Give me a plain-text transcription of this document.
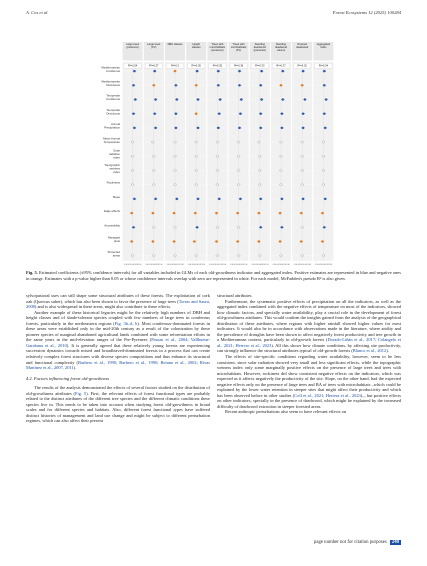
A. Cos et al.	Forest Ecosystems 12 (2025) 100284
Mediterranean Coniferous
Mediterranean Deciduous
Temperate Coniferous
Temperate Deciduous
Annual Precipitation
Mean Annual Temperature
Solar radiation index
Topographic wetness index
Rockiness
Slope
Edge effects
Accessibility
Managed plots
Protected areas
Large trees (presence)
R²=0.54
-1.00 -0.50 0.00 0.50 1.00
Large trees (ΣV)
R²=0.37
-1.00 -0.50 0.00 0.50 1.00
DBH classes
R²=0.2
-1.00 -0.50 0.00 0.50 1.00
Height classes
R²=0.36
-1.00 -0.50 0.00 0.50 1.00
Trees with microhabitats (presence)
R²=0.35
-1.00 -0.50 0.00 0.50 1.00
Trees with microhabitats (ΣV)
R²=0.36
-1.00 -0.50 0.00 0.50 1.00
Standing deadwood (presence)
R²=0.33
-1.00 -0.50 0.00 0.50 1.00
Standing deadwood volume
R²=0.37
-1.00 -0.50 0.00 0.50 1.00
Downed deadwood
R²=0.32
-1.00 -0.50 0.00 0.50 1.00
Aggregated index
R²=0.34
-1.00 -0.50 0.00 0.50 1.00
Fig. 5. Estimated coefficients (±95% confidence intervals) for all variables included in GLMs of each old-growthness indicator and aggregated index. Positive estimates are represented in blue and negative ones in orange. Estimates with a p-value higher than 0.05 or whose confidence intervals overlap with zero are represented in white. For each model, McFadden's pseudo R² is also given.

sylvopastoral uses can still shape some structural attributes of these forests. The exploitation of cork oak (Quercus suber), which has also been shown to favor the presence of large trees (Torras and Saura, 2008) and is also widespread in these areas, might also contribute to these effects.

Another example of these historical legacies might be the relatively high numbers of DBH and height classes and of shade-tolerant species coupled with few numbers of large trees in coniferous forests, particularly in the northeastern regions (Fig. 3b–d, h). Most coniferous-dominated forests in these areas were established only in the mid-20th century as a result of the colonization by these pioneer species of marginal abandoned agricultural lands combined with some reforestation efforts in the same years in the mid-elevation ranges of the Pre-Pyrenees (Pausas et al., 2004; Vallbuena-Garabana et al., 2010). It is generally agreed that these relatively young forests are experiencing succession dynamics towards mixed and broadleaved-dominated forests in a process that can create relatively complex forest structures with diverse species compositions and thus enhance its structural and functional complexity (Barbero et al., 1990; Barbero et al., 1990; Retana et al., 2002; Rivas Martínez et al., 2007, 2011).

4.2. Factors influencing forest old-growthness

The results of the analysis demonstrated the effects of several factors studied on the distribution of old-growthness attributes (Fig. 5). First, the relevant effects of forest functional types are probably related to the distinct attributes of the different tree species and the different climatic conditions these species live in. This needs to be taken into account when studying forest old-growthness in broad scales and for different species and habitats. Also, different forest functional types have suffered distinct histories of management and land use change and might be subject to different perturbation regimes, which can also affect their present

structural attributes.

Furthermore, the systematic positive effects of precipitation on all the indicators, as well as the aggregated index combined with the negative effects of temperature on most of the indicators, showed how climatic factors, and specially water availability, play a crucial role in the development of forest old-growthness attributes. This would confirm the insights gained from the analysis of the geographical distribution of these attributes, where regions with higher rainfall showed higher values for most indicators. It would also be in accordance with observations made in the literature, where aridity and the prevalence of droughts have been shown to affect negatively forest productivity and tree growth in a Mediterranean context, particularly in old-growth forests (Dorado-Liñán et al., 2017; Colangelo et al., 2021; Herrero et al., 2023). All this shows how climate conditions, by affecting site productivity, can strongly influence the structural attributes typical of old-growth forests (Blanco et al., 2012).

The effects of site-specific conditions regarding water availability, however, seem to be less consistent, since solar radiation showed very small and less significant effects, while the topographic wetness index only some marginally positive effects on the presence of large trees and trees with microhabitats. However, rockiness did show consistent negative effects on the indicators, which was expected as it affects negatively the productivity of the site. Slope, on the other hand, had the expected negative effects only on the presence of large trees and BA of trees with microhabitats –which could be explained by the lower water retention in steeper sites that might affect their productivity and which has been observed before in other studies (Coll et al., 2021; Herrera et al., 2023)–, but positive effects on other indicators, specially in the presence of deadwood, which might be explained by the increased difficulty of deadwood extraction in steeper forested areas.

Recent anthropic perturbations also seem to have relevant effects on

page number not for citation purposes	240
